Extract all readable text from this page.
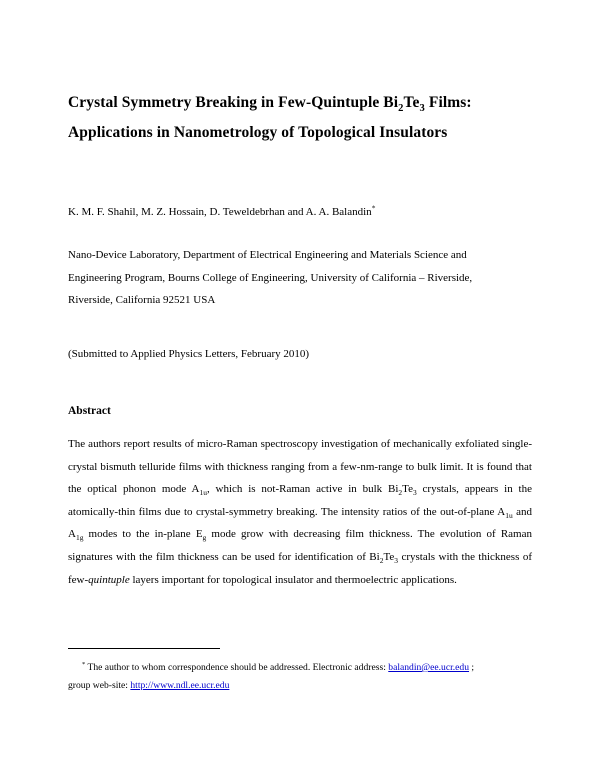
Crystal Symmetry Breaking in Few-Quintuple $Bi_2Te_3$ Films:
Applications in Nanometrology of Topological Insulators
K. M. F. Shahil, M. Z. Hossain, D. Teweldebrhan and A. A. Balandin*
Nano-Device Laboratory, Department of Electrical Engineering and Materials Science and
Engineering Program, Bourns College of Engineering, University of California – Riverside,
Riverside, California 92521 USA
(Submitted to Applied Physics Letters, February 2010)
Abstract
The authors report results of micro-Raman spectroscopy investigation of mechanically exfoliated single-crystal bismuth telluride films with thickness ranging from a few-nm-range to bulk limit. It is found that the optical phonon mode $A_{1u}$, which is not-Raman active in bulk $Bi_2Te_3$ crystals, appears in the atomically-thin films due to crystal-symmetry breaking. The intensity ratios of the out-of-plane $A_{1u}$ and $A_{1g}$ modes to the in-plane $E_g$ mode grow with decreasing film thickness. The evolution of Raman signatures with the film thickness can be used for identification of $Bi_2Te_3$ crystals with the thickness of few-quintuple layers important for topological insulator and thermoelectric applications.
* The author to whom correspondence should be addressed. Electronic address: balandin@ee.ucr.edu ;
group web-site: http://www.ndl.ee.ucr.edu
